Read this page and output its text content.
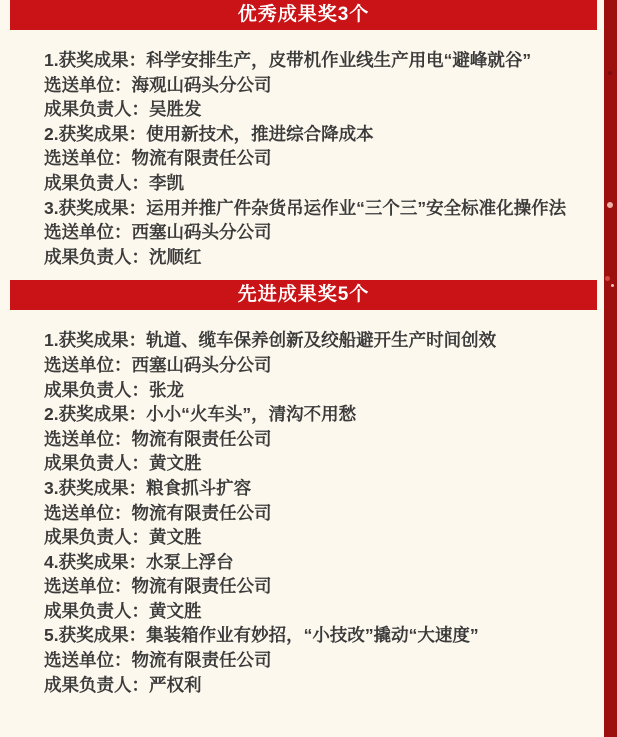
优秀成果奖3个

1.获奖成果：科学安排生产，皮带机作业线生产用电“避峰就谷”

选送单位：海观山码头分公司

成果负责人：吴胜发

2.获奖成果：使用新技术，推进综合降成本

选送单位：物流有限责任公司

成果负责人：李凯

3.获奖成果：运用并推广件杂货吊运作业“三个三”安全标准化操作法

选送单位：西塞山码头分公司

成果负责人：沈顺红

先进成果奖5个

1.获奖成果：轨道、缆车保养创新及绞船避开生产时间创效

选送单位：西塞山码头分公司

成果负责人：张龙

2.获奖成果：小小“火车头”，清沟不用愁

选送单位：物流有限责任公司

成果负责人：黄文胜

3.获奖成果：粮食抓斗扩容

选送单位：物流有限责任公司

成果负责人：黄文胜

4.获奖成果：水泵上浮台

选送单位：物流有限责任公司

成果负责人：黄文胜

5.获奖成果：集装箱作业有妙招，“小技改”撬动“大速度”

选送单位：物流有限责任公司

成果负责人：严权利
